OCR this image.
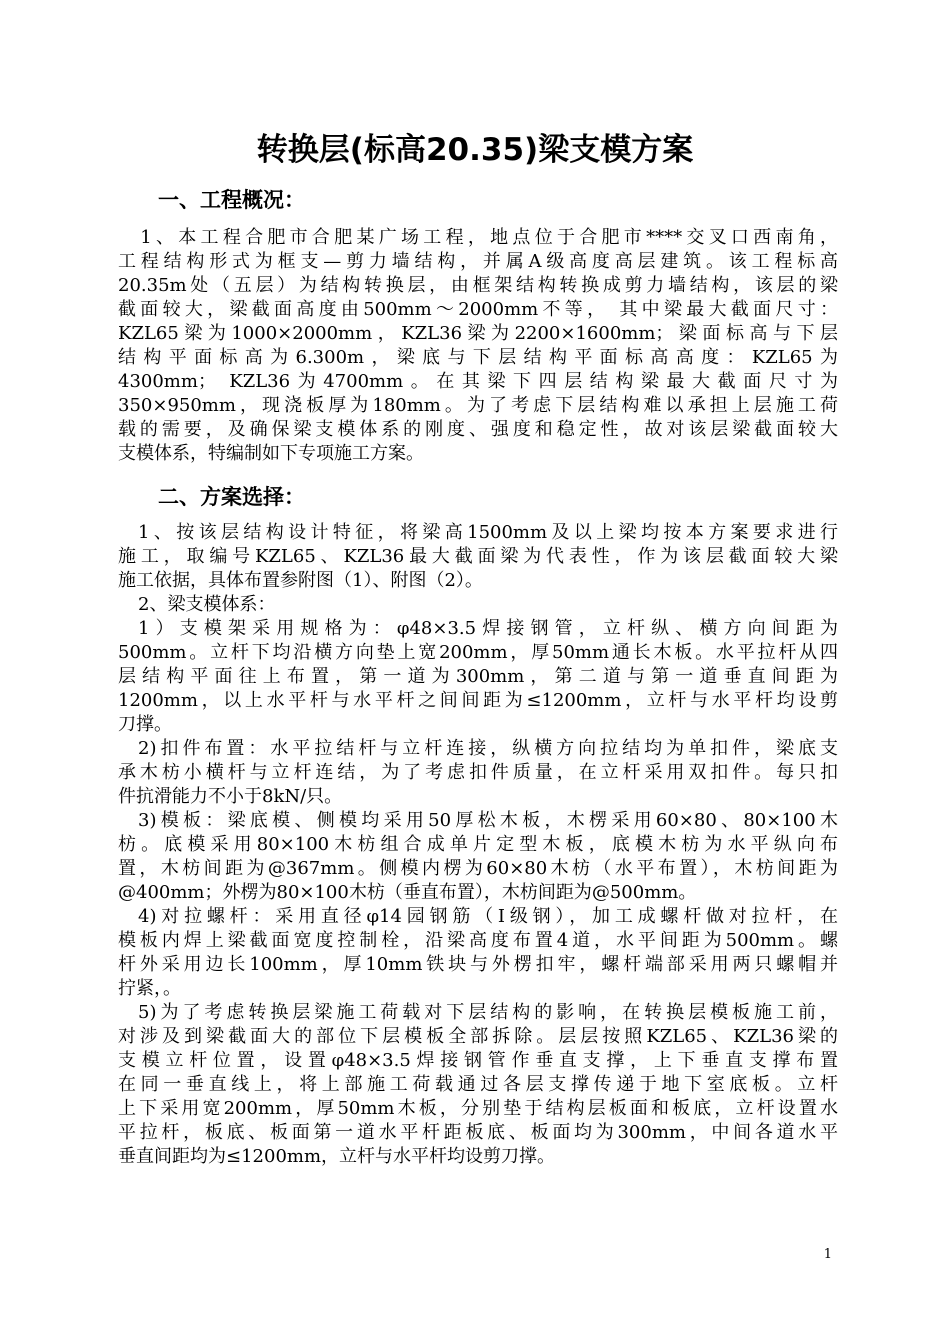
转换层(标高20.35)梁支模方案
一、工程概况：
　1、本工程合肥市合肥某广场工程，地点位于合肥市****交叉口西南角，
工程结构形式为框支—剪力墙结构，并属A级高度高层建筑。该工程标高
20.35m处（五层）为结构转换层，由框架结构转换成剪力墙结构，该层的梁
截面较大，梁截面高度由500mm～2000mm不等， 其中梁最大截面尺寸：
KZL65梁为1000×2000mm，KZL36梁为2200×1600mm；梁面标高与下层
结构平面标高为6.300m，梁底与下层结构平面标高高度：KZL65为
4300mm； KZL36为4700mm。在其梁下四层结构梁最大截面尺寸为
350×950mm，现浇板厚为180mm。为了考虑下层结构难以承担上层施工荷
载的需要，及确保梁支模体系的刚度、强度和稳定性，故对该层梁截面较大
支模体系，特编制如下专项施工方案。
二、方案选择：
1、按该层结构设计特征，将梁高1500mm及以上梁均按本方案要求进行
施工，取编号KZL65、KZL36最大截面梁为代表性，作为该层截面较大梁
施工依据，具体布置参附图（1）、附图（2）。
2、梁支模体系：
1）支模架采用规格为：φ48×3.5焊接钢管，立杆纵、横方向间距为
500mm。立杆下均沿横方向垫上宽200mm，厚50mm通长木板。水平拉杆从四
层结构平面往上布置，第一道为300mm，第二道与第一道垂直间距为
1200mm，以上水平杆与水平杆之间间距为≤1200mm，立杆与水平杆均设剪
刀撑。
2)扣件布置：水平拉结杆与立杆连接，纵横方向拉结均为单扣件，梁底支
承木枋小横杆与立杆连结，为了考虑扣件质量，在立杆采用双扣件。每只扣
件抗滑能力不小于8kN/只。
3)模板：梁底模、侧模均采用50厚松木板，木楞采用60×80、80×100木
枋。底模采用80×100木枋组合成单片定型木板，底模木枋为水平纵向布
置，木枋间距为@367mm。侧模内楞为60×80木枋（水平布置），木枋间距为
@400mm；外楞为80×100木枋（垂直布置），木枋间距为@500mm。
4)对拉螺杆：采用直径φ14园钢筋（Ⅰ级钢），加工成螺杆做对拉杆，在
模板内焊上梁截面宽度控制栓，沿梁高度布置4道，水平间距为500mm。螺
杆外采用边长100mm，厚10mm铁块与外楞扣牢，螺杆端部采用两只螺帽并
拧紧，。
5)为了考虑转换层梁施工荷载对下层结构的影响，在转换层模板施工前，
对涉及到梁截面大的部位下层模板全部拆除。层层按照KZL65、KZL36梁的
支模立杆位置，设置φ48×3.5焊接钢管作垂直支撑，上下垂直支撑布置
在同一垂直线上，将上部施工荷载通过各层支撑传递于地下室底板。立杆
上下采用宽200mm，厚50mm木板，分别垫于结构层板面和板底，立杆设置水
平拉杆，板底、板面第一道水平杆距板底、板面均为300mm，中间各道水平
垂直间距均为≤1200mm，立杆与水平杆均设剪刀撑。
1
